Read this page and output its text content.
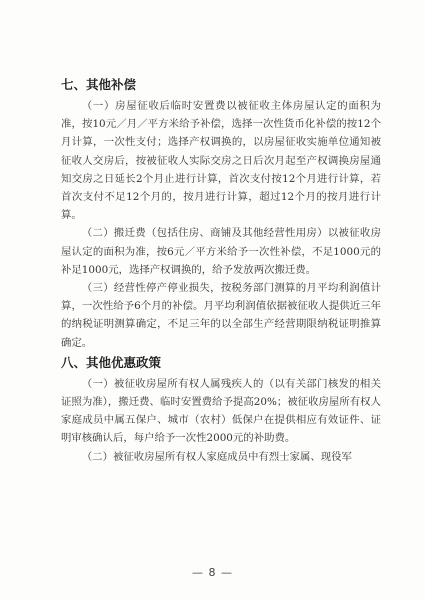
七、其他补偿

（一）房屋征收后临时安置费以被征收主体房屋认定的面积为准，按10元／月／平方米给予补偿，选择一次性货币化补偿的按12个月计算，一次性支付；选择产权调换的，以房屋征收实施单位通知被征收人交房后，按被征收人实际交房之日后次月起至产权调换房屋通知交房之日延长2个月止进行计算，首次支付按12个月进行计算，若首次支付不足12个月的，按月进行计算，超过12个月的按月进行计算。

（二）搬迁费（包括住房、商铺及其他经营性用房）以被征收房屋认定的面积为准，按6元／平方米给予一次性补偿，不足1000元的补足1000元，选择产权调换的，给予发放两次搬迁费。

（三）经营性停产停业损失，按税务部门测算的月平均利润值计算，一次性给予6个月的补偿。月平均利润值依据被征收人提供近三年的纳税证明测算确定，不足三年的以全部生产经营期限纳税证明推算确定。

八、其他优惠政策

（一）被征收房屋所有权人属残疾人的（以有关部门核发的相关证照为准），搬迁费、临时安置费给予提高20%；被征收房屋所有权人家庭成员中属五保户、城市（农村）低保户在提供相应有效证件、证明审核确认后，每户给予一次性2000元的补助费。

（二）被征收房屋所有权人家庭成员中有烈士家属、现役军

— 8 —
